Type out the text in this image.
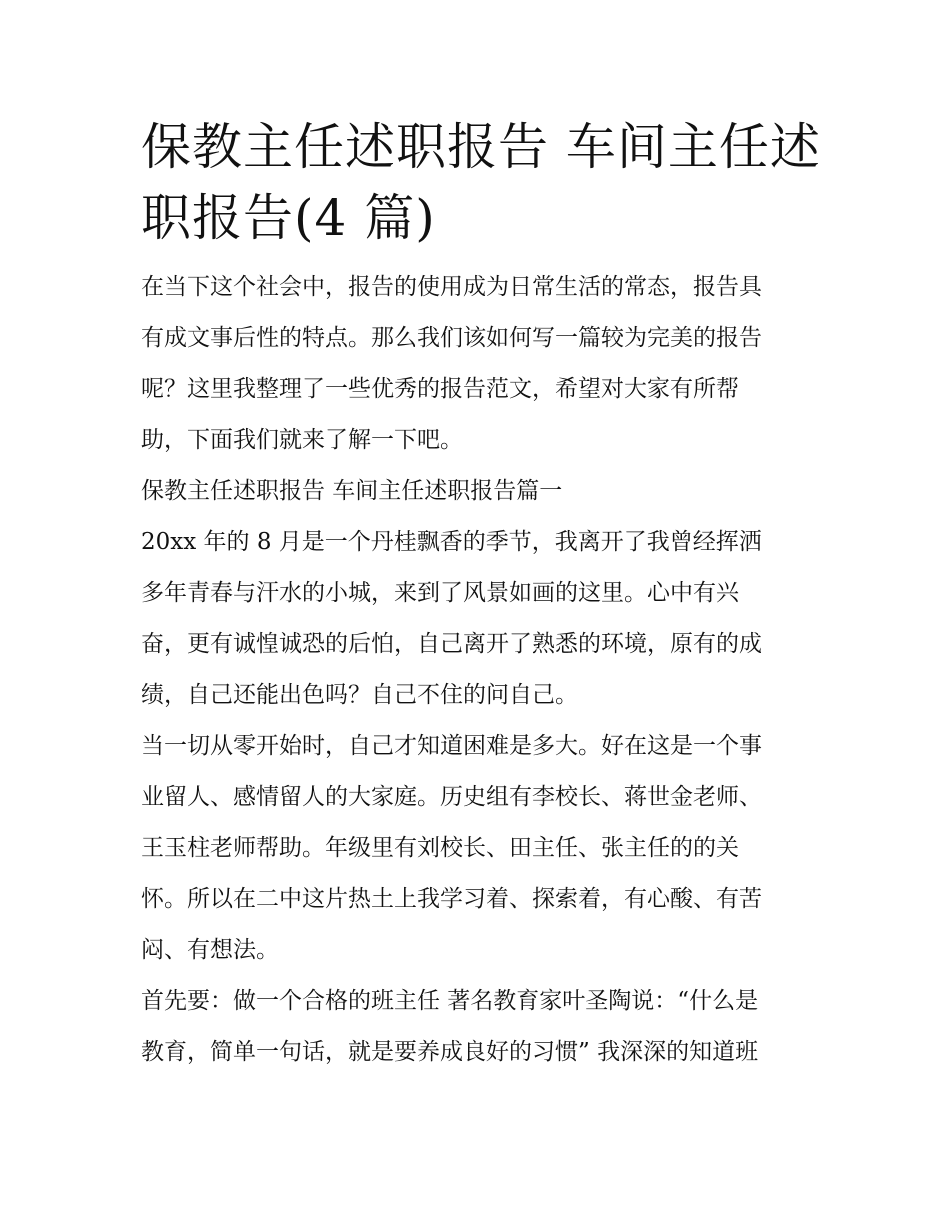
保教主任述职报告 车间主任述
职报告(4 篇)

在当下这个社会中，报告的使用成为日常生活的常态，报告具
有成文事后性的特点。那么我们该如何写一篇较为完美的报告
呢？这里我整理了一些优秀的报告范文，希望对大家有所帮
助，下面我们就来了解一下吧。

保教主任述职报告 车间主任述职报告篇一

20xx 年的 8 月是一个丹桂飘香的季节，我离开了我曾经挥洒
多年青春与汗水的小城，来到了风景如画的这里。心中有兴
奋，更有诚惶诚恐的后怕，自己离开了熟悉的环境，原有的成
绩，自己还能出色吗？自己不住的问自己。

当一切从零开始时，自己才知道困难是多大。好在这是一个事
业留人、感情留人的大家庭。历史组有李校长、蒋世金老师、
王玉柱老师帮助。年级里有刘校长、田主任、张主任的的关
怀。所以在二中这片热土上我学习着、探索着，有心酸、有苦
闷、有想法。

首先要：做一个合格的班主任 著名教育家叶圣陶说：“什么是
教育，简单一句话，就是要养成良好的习惯” 我深深的知道班
